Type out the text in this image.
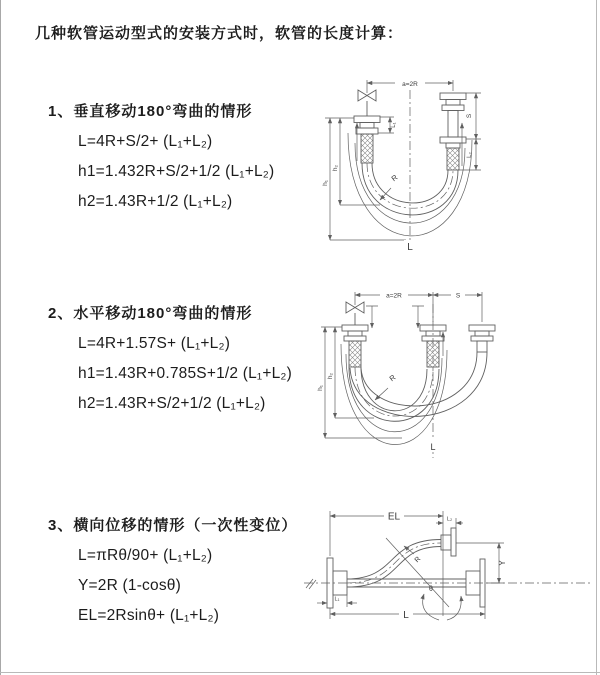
几种软管运动型式的安装方式时，软管的长度计算：
1、垂直移动180°弯曲的情形
L=4R+S/2+ (L₁+L₂)
h1=1.432R+S/2+1/2 (L₁+L₂)
h2=1.43R+1/2 (L₁+L₂)
2、水平移动180°弯曲的情形
L=4R+1.57S+ (L₁+L₂)
h1=1.43R+0.785S+1/2 (L₁+L₂)
h2=1.43R+S/2+1/2 (L₁+L₂)
3、横向位移的情形（一次性变位）
L=πRθ/90+ (L₁+L₂)
Y=2R (1-cosθ)
EL=2Rsinθ+ (L₁+L₂)
a=2R
L₁
S
L₂
h₁
h₂
R
L
a=2R	S
h₁
h₂	R
L
θ
R
EL	L₂
Y
L₁
L
